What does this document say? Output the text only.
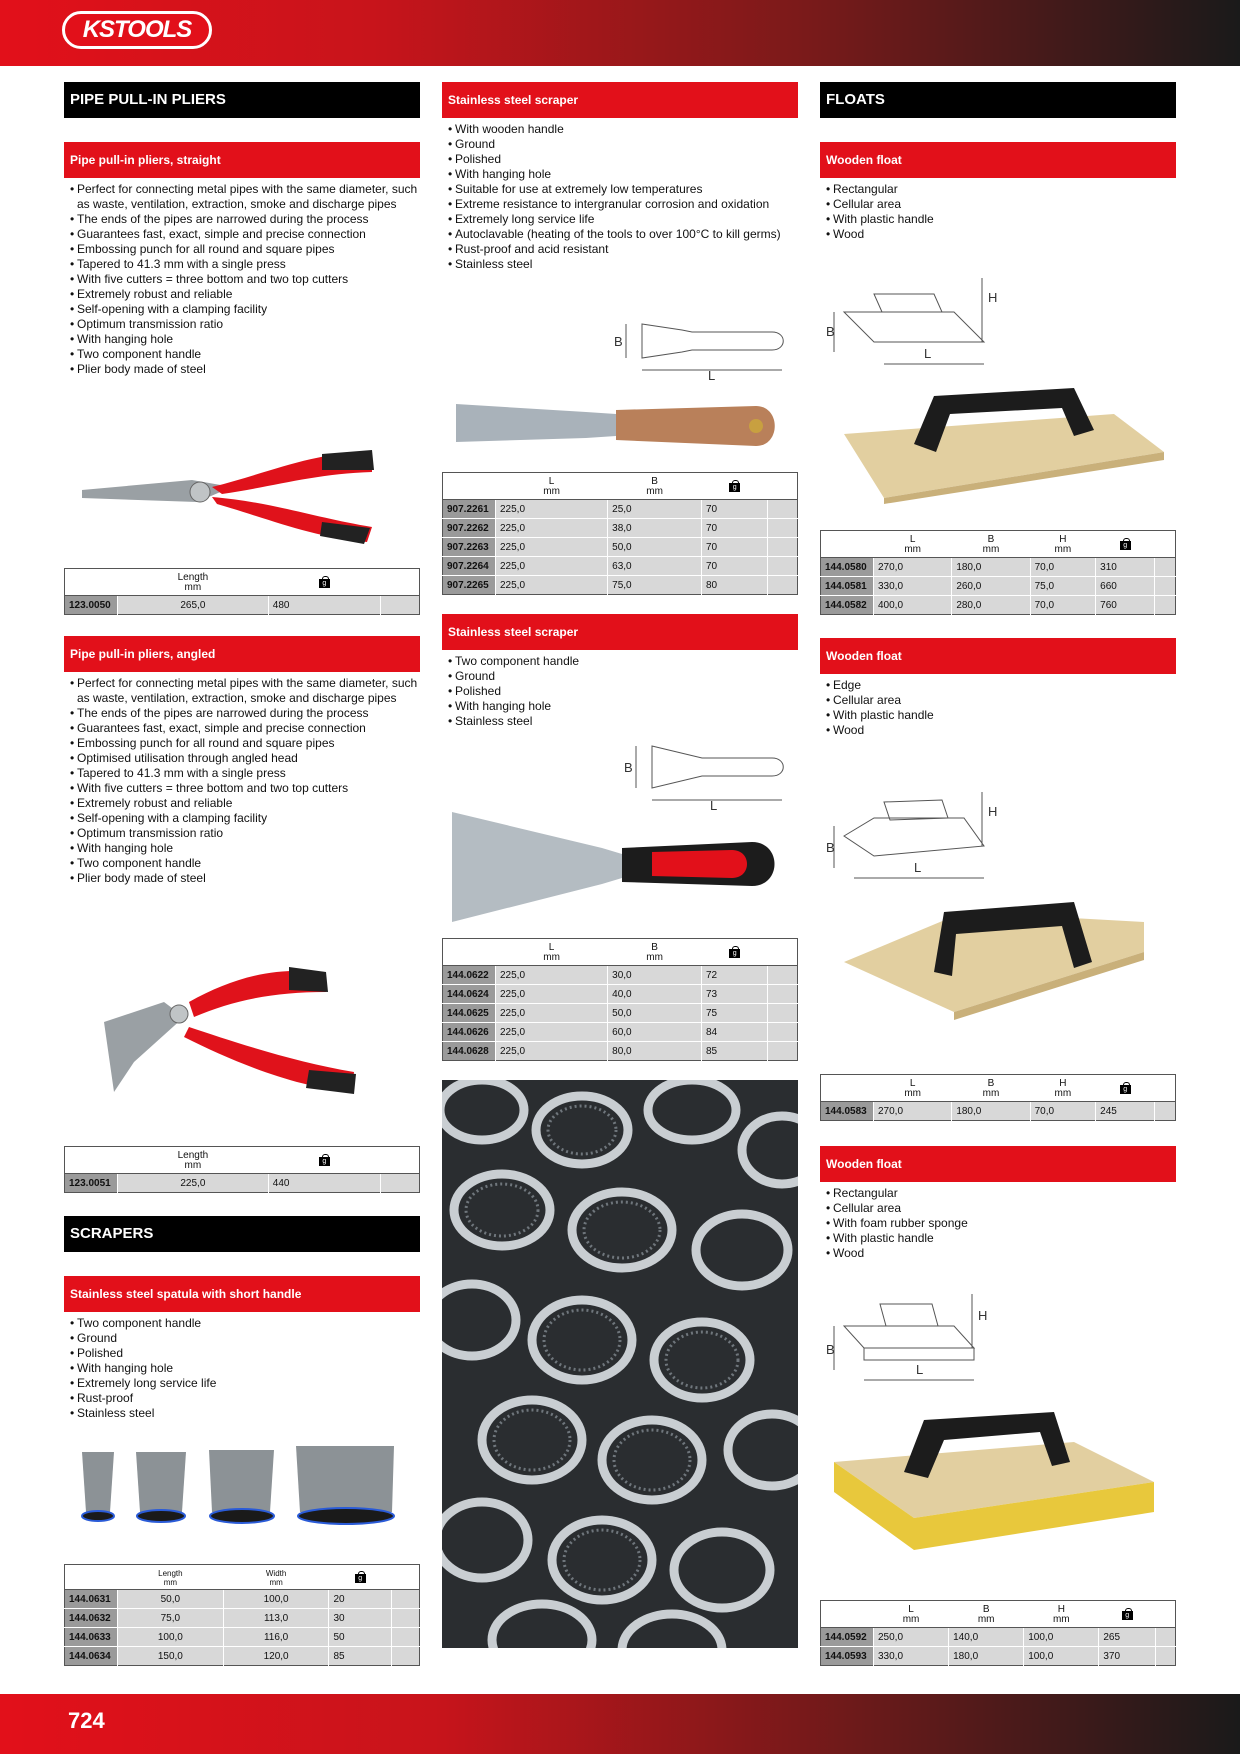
KSTOOLS
PIPE PULL-IN PLIERS
Pipe pull-in pliers, straight
• Perfect for connecting metal pipes with the same diameter, such as waste, ventilation, extraction, smoke and discharge pipes
• The ends of the pipes are narrowed during the process
• Guarantees fast, exact, simple and precise connection
• Embossing punch for all round and square pipes
• Tapered to 41.3 mm with a single press
• With five cutters = three bottom and two top cutters
• Extremely robust and reliable
• Self-opening with a clamping facility
• Optimum transmission ratio
• With hanging hole
• Two component handle
• Plier body made of steel
	Length
mm	g	
123.0050	265,0	480	
Pipe pull-in pliers, angled
• Perfect for connecting metal pipes with the same diameter, such as waste, ventilation, extraction, smoke and discharge pipes
• The ends of the pipes are narrowed during the process
• Guarantees fast, exact, simple and precise connection
• Embossing punch for all round and square pipes
• Optimised utilisation through angled head
• Tapered to 41.3 mm with a single press
• With five cutters = three bottom and two top cutters
• Extremely robust and reliable
• Self-opening with a clamping facility
• Optimum transmission ratio
• With hanging hole
• Two component handle
• Plier body made of steel
	Length
mm	g	
123.0051	225,0	440	
SCRAPERS
Stainless steel spatula with short handle
• Two component handle
• Ground
• Polished
• With hanging hole
• Extremely long service life
• Rust-proof
• Stainless steel
	Length
mm	Width
mm	g	
144.0631	50,0	100,0	20	
144.0632	75,0	113,0	30	
144.0633	100,0	116,0	50	
144.0634	150,0	120,0	85	
Stainless steel scraper
• With wooden handle
• Ground
• Polished
• With hanging hole
• Suitable for use at extremely low temperatures
• Extreme resistance to intergranular corrosion and oxidation
• Extremely long service life
• Autoclavable (heating of the tools to over 100°C to kill germs)
• Rust-proof and acid resistant
• Stainless steel
B
L
	L
mm	B
mm	g	
907.2261	225,0	25,0	70	
907.2262	225,0	38,0	70	
907.2263	225,0	50,0	70	
907.2264	225,0	63,0	70	
907.2265	225,0	75,0	80	
Stainless steel scraper
• Two component handle
• Ground
• Polished
• With hanging hole
• Stainless steel
B
L
	L
mm	B
mm	g	
144.0622	225,0	30,0	72	
144.0624	225,0	40,0	73	
144.0625	225,0	50,0	75	
144.0626	225,0	60,0	84	
144.0628	225,0	80,0	85	
FLOATS
Wooden float
• Rectangular
• Cellular area
• With plastic handle
• Wood
H
B
L
	L
mm	B
mm	H
mm	g	
144.0580	270,0	180,0	70,0	310	
144.0581	330,0	260,0	75,0	660	
144.0582	400,0	280,0	70,0	760	
Wooden float
• Edge
• Cellular area
• With plastic handle
• Wood
H
B
L
	L
mm	B
mm	H
mm	g	
144.0583	270,0	180,0	70,0	245	
Wooden float
• Rectangular
• Cellular area
• With foam rubber sponge
• With plastic handle
• Wood
H
B
L
	L
mm	B
mm	H
mm	g	
144.0592	250,0	140,0	100,0	265	
144.0593	330,0	180,0	100,0	370	
724
